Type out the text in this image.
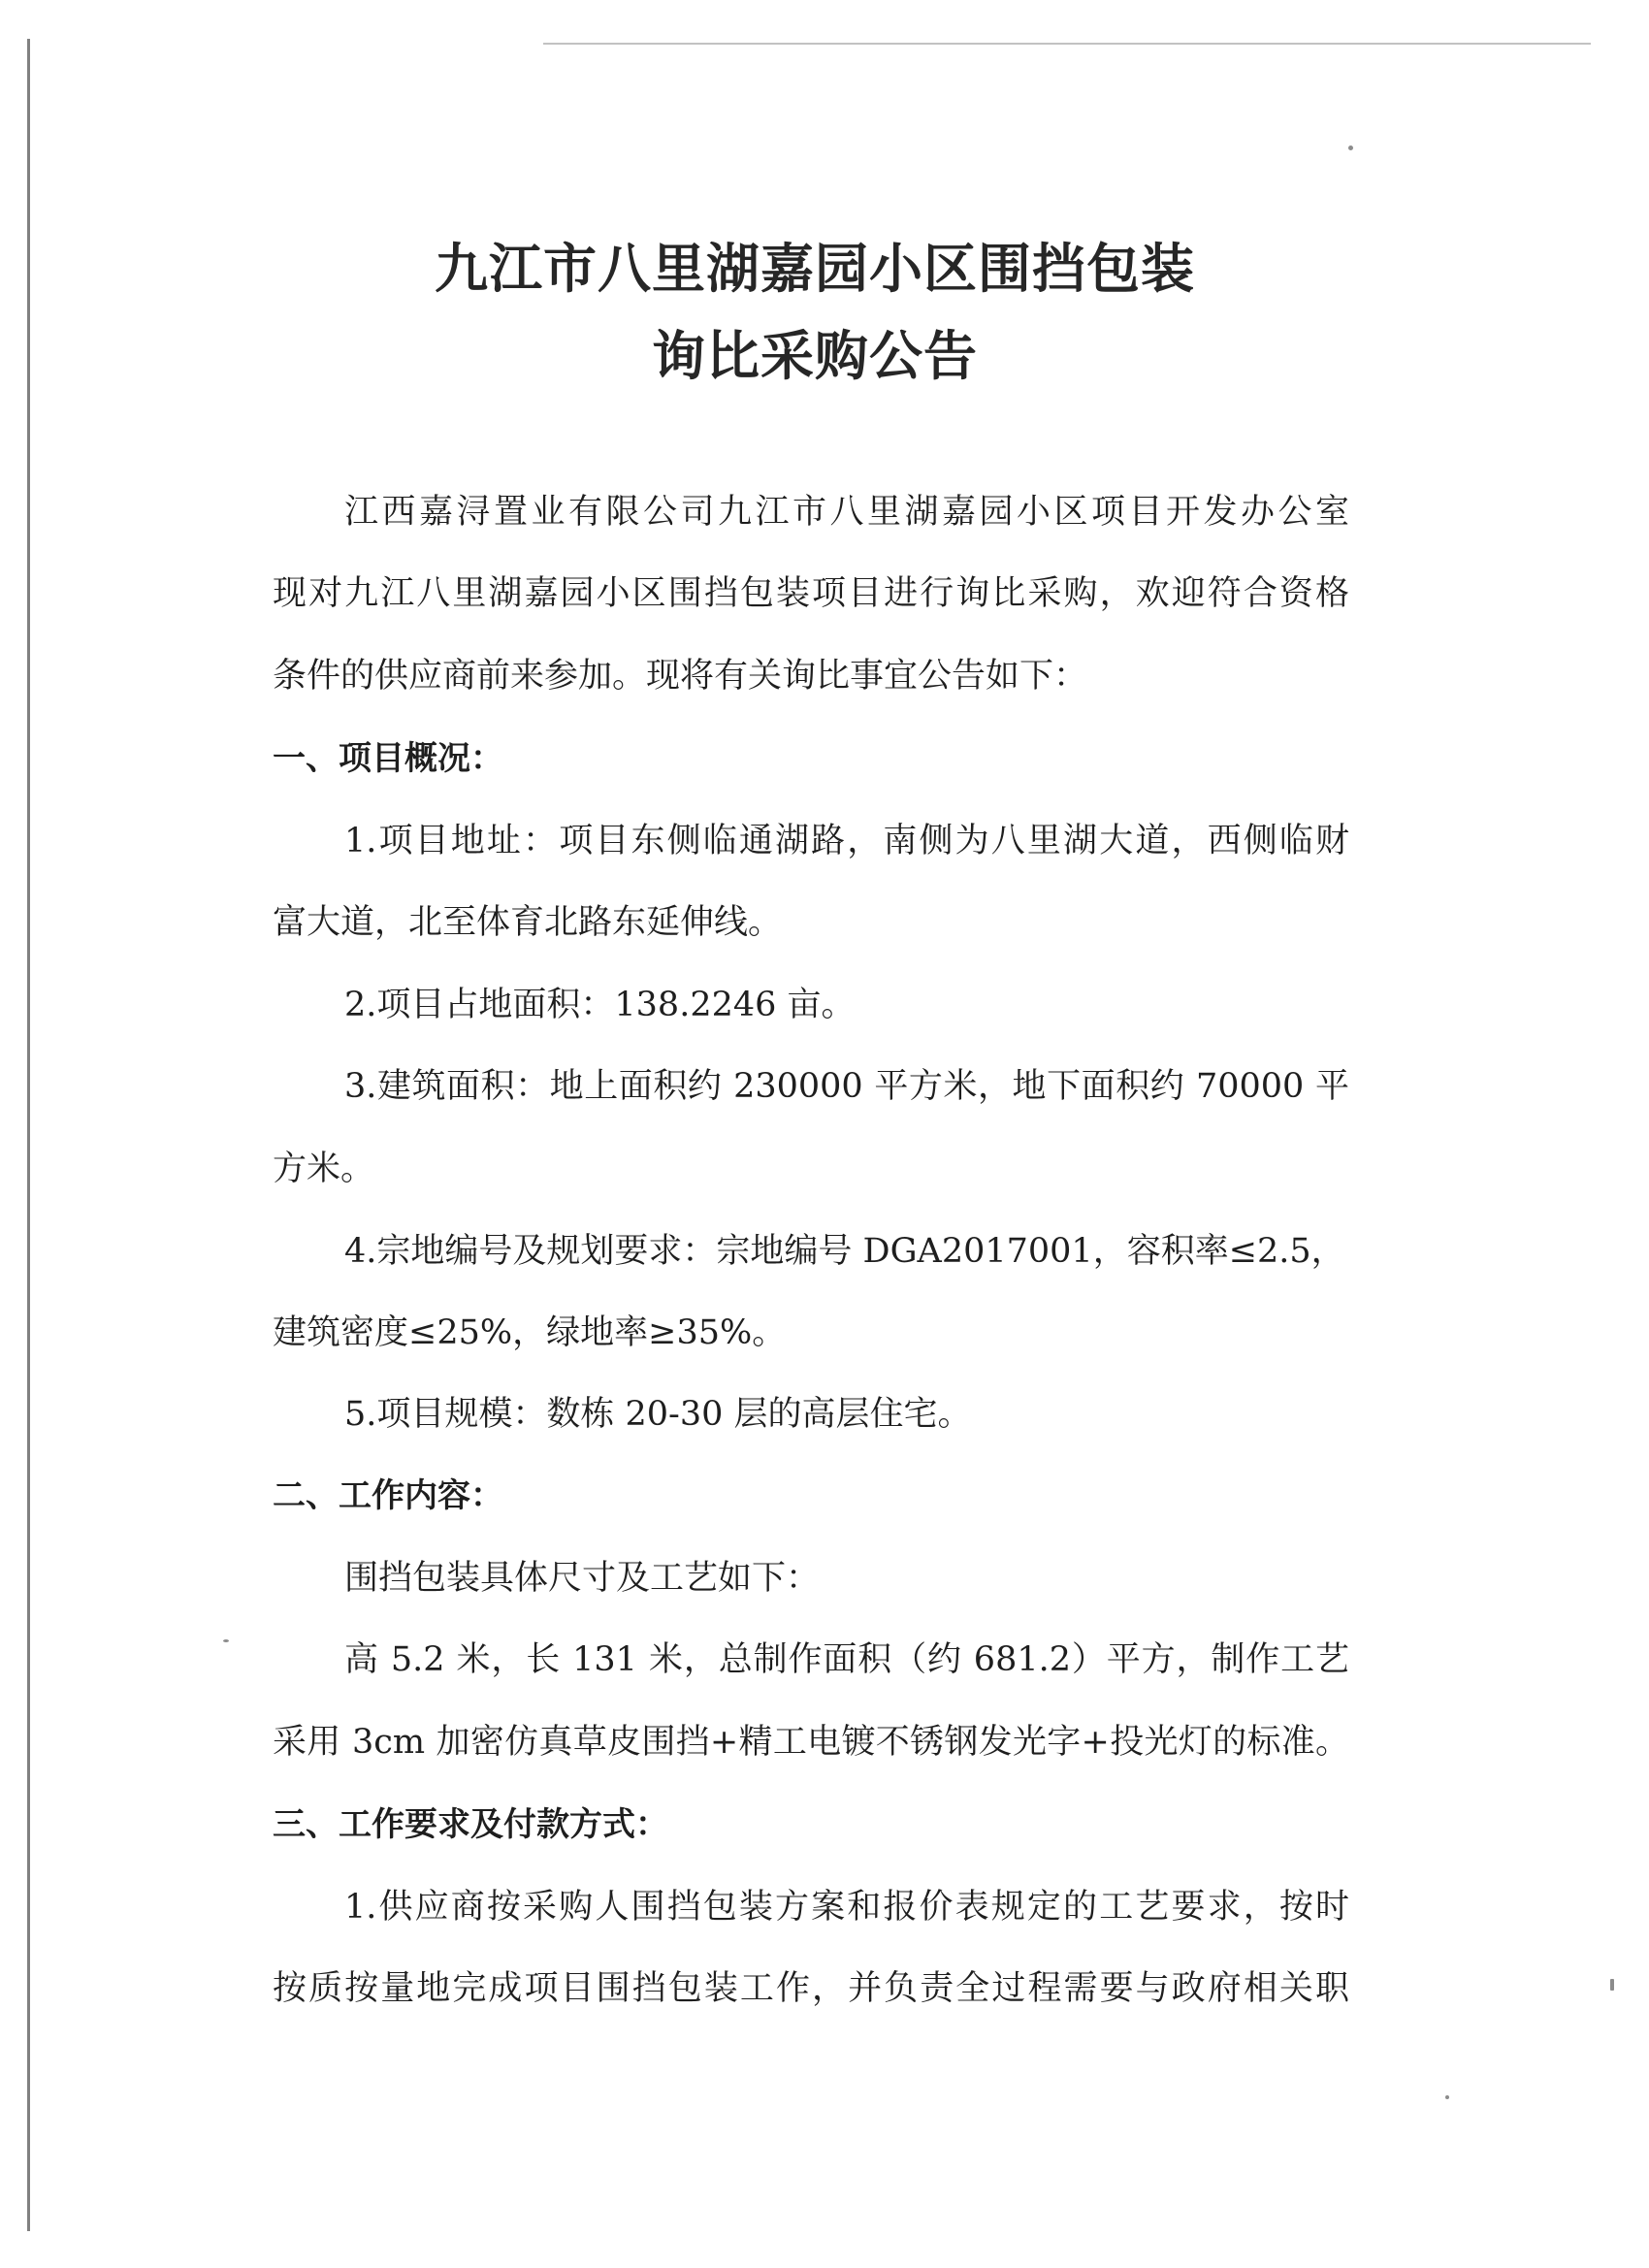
九江市八里湖嘉园小区围挡包装
询比采购公告
江西嘉浔置业有限公司九江市八里湖嘉园小区项目开发办公室
现对九江八里湖嘉园小区围挡包装项目进行询比采购，欢迎符合资格
条件的供应商前来参加。现将有关询比事宜公告如下：
一、项目概况：
1.项目地址：项目东侧临通湖路，南侧为八里湖大道，西侧临财
富大道，北至体育北路东延伸线。
2.项目占地面积：138.2246 亩。
3.建筑面积：地上面积约 230000 平方米，地下面积约 70000 平
方米。
4.宗地编号及规划要求：宗地编号 DGA2017001，容积率≤2.5，
建筑密度≤25%，绿地率≥35%。
5.项目规模：数栋 20-30 层的高层住宅。
二、工作内容：
围挡包装具体尺寸及工艺如下：
高 5.2 米，长 131 米，总制作面积（约 681.2）平方，制作工艺
采用 3cm 加密仿真草皮围挡+精工电镀不锈钢发光字+投光灯的标准。
三、工作要求及付款方式：
1.供应商按采购人围挡包装方案和报价表规定的工艺要求，按时
按质按量地完成项目围挡包装工作，并负责全过程需要与政府相关职
